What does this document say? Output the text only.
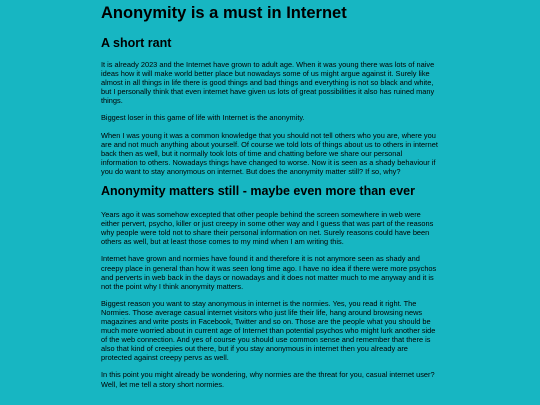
Anonymity is a must in Internet
A short rant

It is already 2023 and the Internet have grown to adult age. When it was young there was lots of naive ideas how it will make world better place but nowadays some of us might argue against it. Surely like almost in all things in life there is good things and bad things and everything is not so black and white, but I personally think that even internet have given us lots of great possibilities it also has ruined many things.

Biggest loser in this game of life with Internet is the anonymity.

When I was young it was a common knowledge that you should not tell others who you are, where you are and not much anything about yourself. Of course we told lots of things about us to others in internet back then as well, but it normally took lots of time and chatting before we share our personal information to others. Nowadays things have changed to worse. Now it is seen as a shady behaviour if you do want to stay anonymous on internet. But does the anonymity matter still? If so, why?

Anonymity matters still - maybe even more than ever

Years ago it was somehow excepted that other people behind the screen somewhere in web were either pervert, psycho, killer or just creepy in some other way and I guess that was part of the reasons why people were told not to share their personal information on net. Surely reasons could have been others as well, but at least those comes to my mind when I am writing this.

Internet have grown and normies have found it and therefore it is not anymore seen as shady and creepy place in general than how it was seen long time ago. I have no idea if there were more psychos and perverts in web back in the days or nowadays and it does not matter much to me anyway and it is not the point why I think anonymity matters.

Biggest reason you want to stay anonymous in internet is the normies. Yes, you read it right. The Normies. Those average casual internet visitors who just life their life, hang around browsing news magazines and write posts in Facebook, Twitter and so on. Those are the people what you should be much more worried about in current age of Internet than potential psychos who might lurk another side of the web connection. And yes of course you should use common sense and remember that there is also that kind of creepies out there, but if you stay anonymous in internet then you already are protected against creepy pervs as well.

In this point you might already be wondering, why normies are the threat for you, casual internet user? Well, let me tell a story short normies.
